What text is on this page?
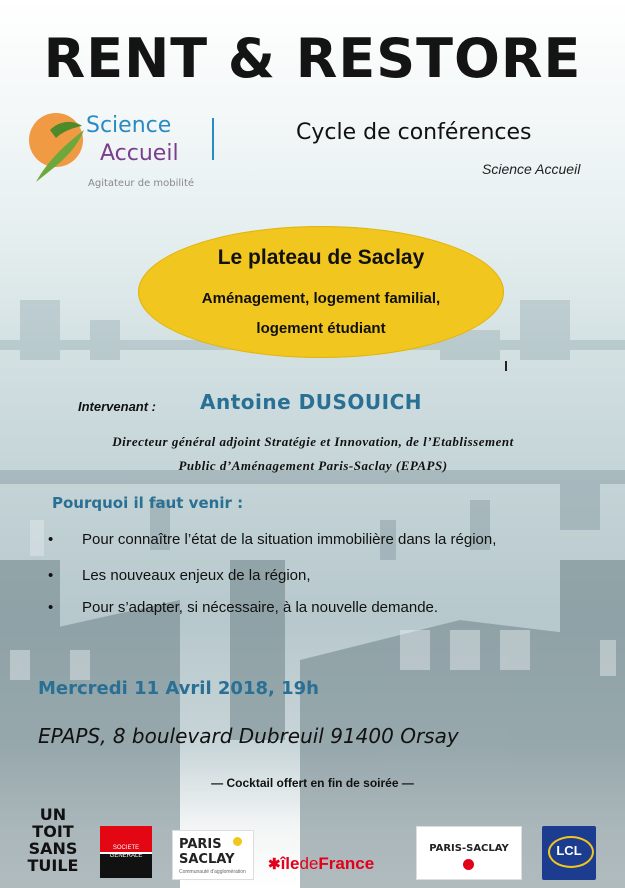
RENT & RESTORE
Science
Accueil
Agitateur de mobilité
Cycle de conférences
Science Accueil
Le plateau de Saclay
Aménagement, logement familial,
logement étudiant
Intervenant : Antoine DUSOUICH
Directeur général adjoint Stratégie et Innovation, de l’Etablissement
Public d’Aménagement Paris-Saclay (EPAPS)
Pourquoi il faut venir :
• Pour connaître l’état de la situation immobilière dans la région,
• Les nouveaux enjeux de la région,
• Pour s’adapter, si nécessaire, à la nouvelle demande.
Mercredi 11 Avril 2018, 19h
EPAPS, 8 boulevard Dubreuil 91400 Orsay
— Cocktail offert en fin de soirée —
UN
TOIT
SANS
TUILE
SOCIETE
GENERALE
PARIS
SACLAY
Communauté d'agglomération ✱îledeFrance
PARIS-SACLAY	LCL
